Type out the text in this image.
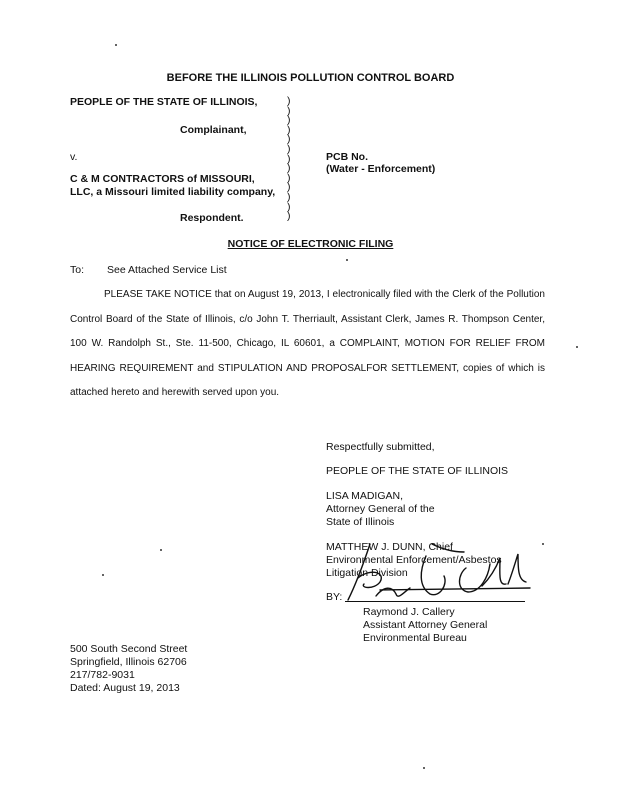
BEFORE THE ILLINOIS POLLUTION CONTROL BOARD
PEOPLE OF THE STATE OF ILLINOIS,
Complainant,
v.
C & M CONTRACTORS of MISSOURI,
LLC, a Missouri limited liability company,
Respondent.
)
)
)
)
)
)
)
)
)
)
)
)
)
PCB No.
(Water - Enforcement)
NOTICE OF ELECTRONIC FILING
To: See Attached Service List
PLEASE TAKE NOTICE that on August 19, 2013, I electronically filed with the Clerk of the Pollution Control Board of the State of Illinois, c/o John T. Therriault, Assistant Clerk, James R. Thompson Center, 100 W. Randolph St., Ste. 11-500, Chicago, IL 60601, a COMPLAINT, MOTION FOR RELIEF FROM HEARING REQUIREMENT and STIPULATION AND PROPOSALFOR SETTLEMENT, copies of which is attached hereto and herewith served upon you.
Respectfully submitted,
PEOPLE OF THE STATE OF ILLINOIS
LISA MADIGAN,
Attorney General of the
State of Illinois
MATTHEW J. DUNN, Chief
Environmental Enforcement/Asbestos
Litigation Division
BY:
Raymond J. Callery
Assistant Attorney General
Environmental Bureau
500 South Second Street
Springfield, Illinois 62706
217/782-9031
Dated: August 19, 2013
